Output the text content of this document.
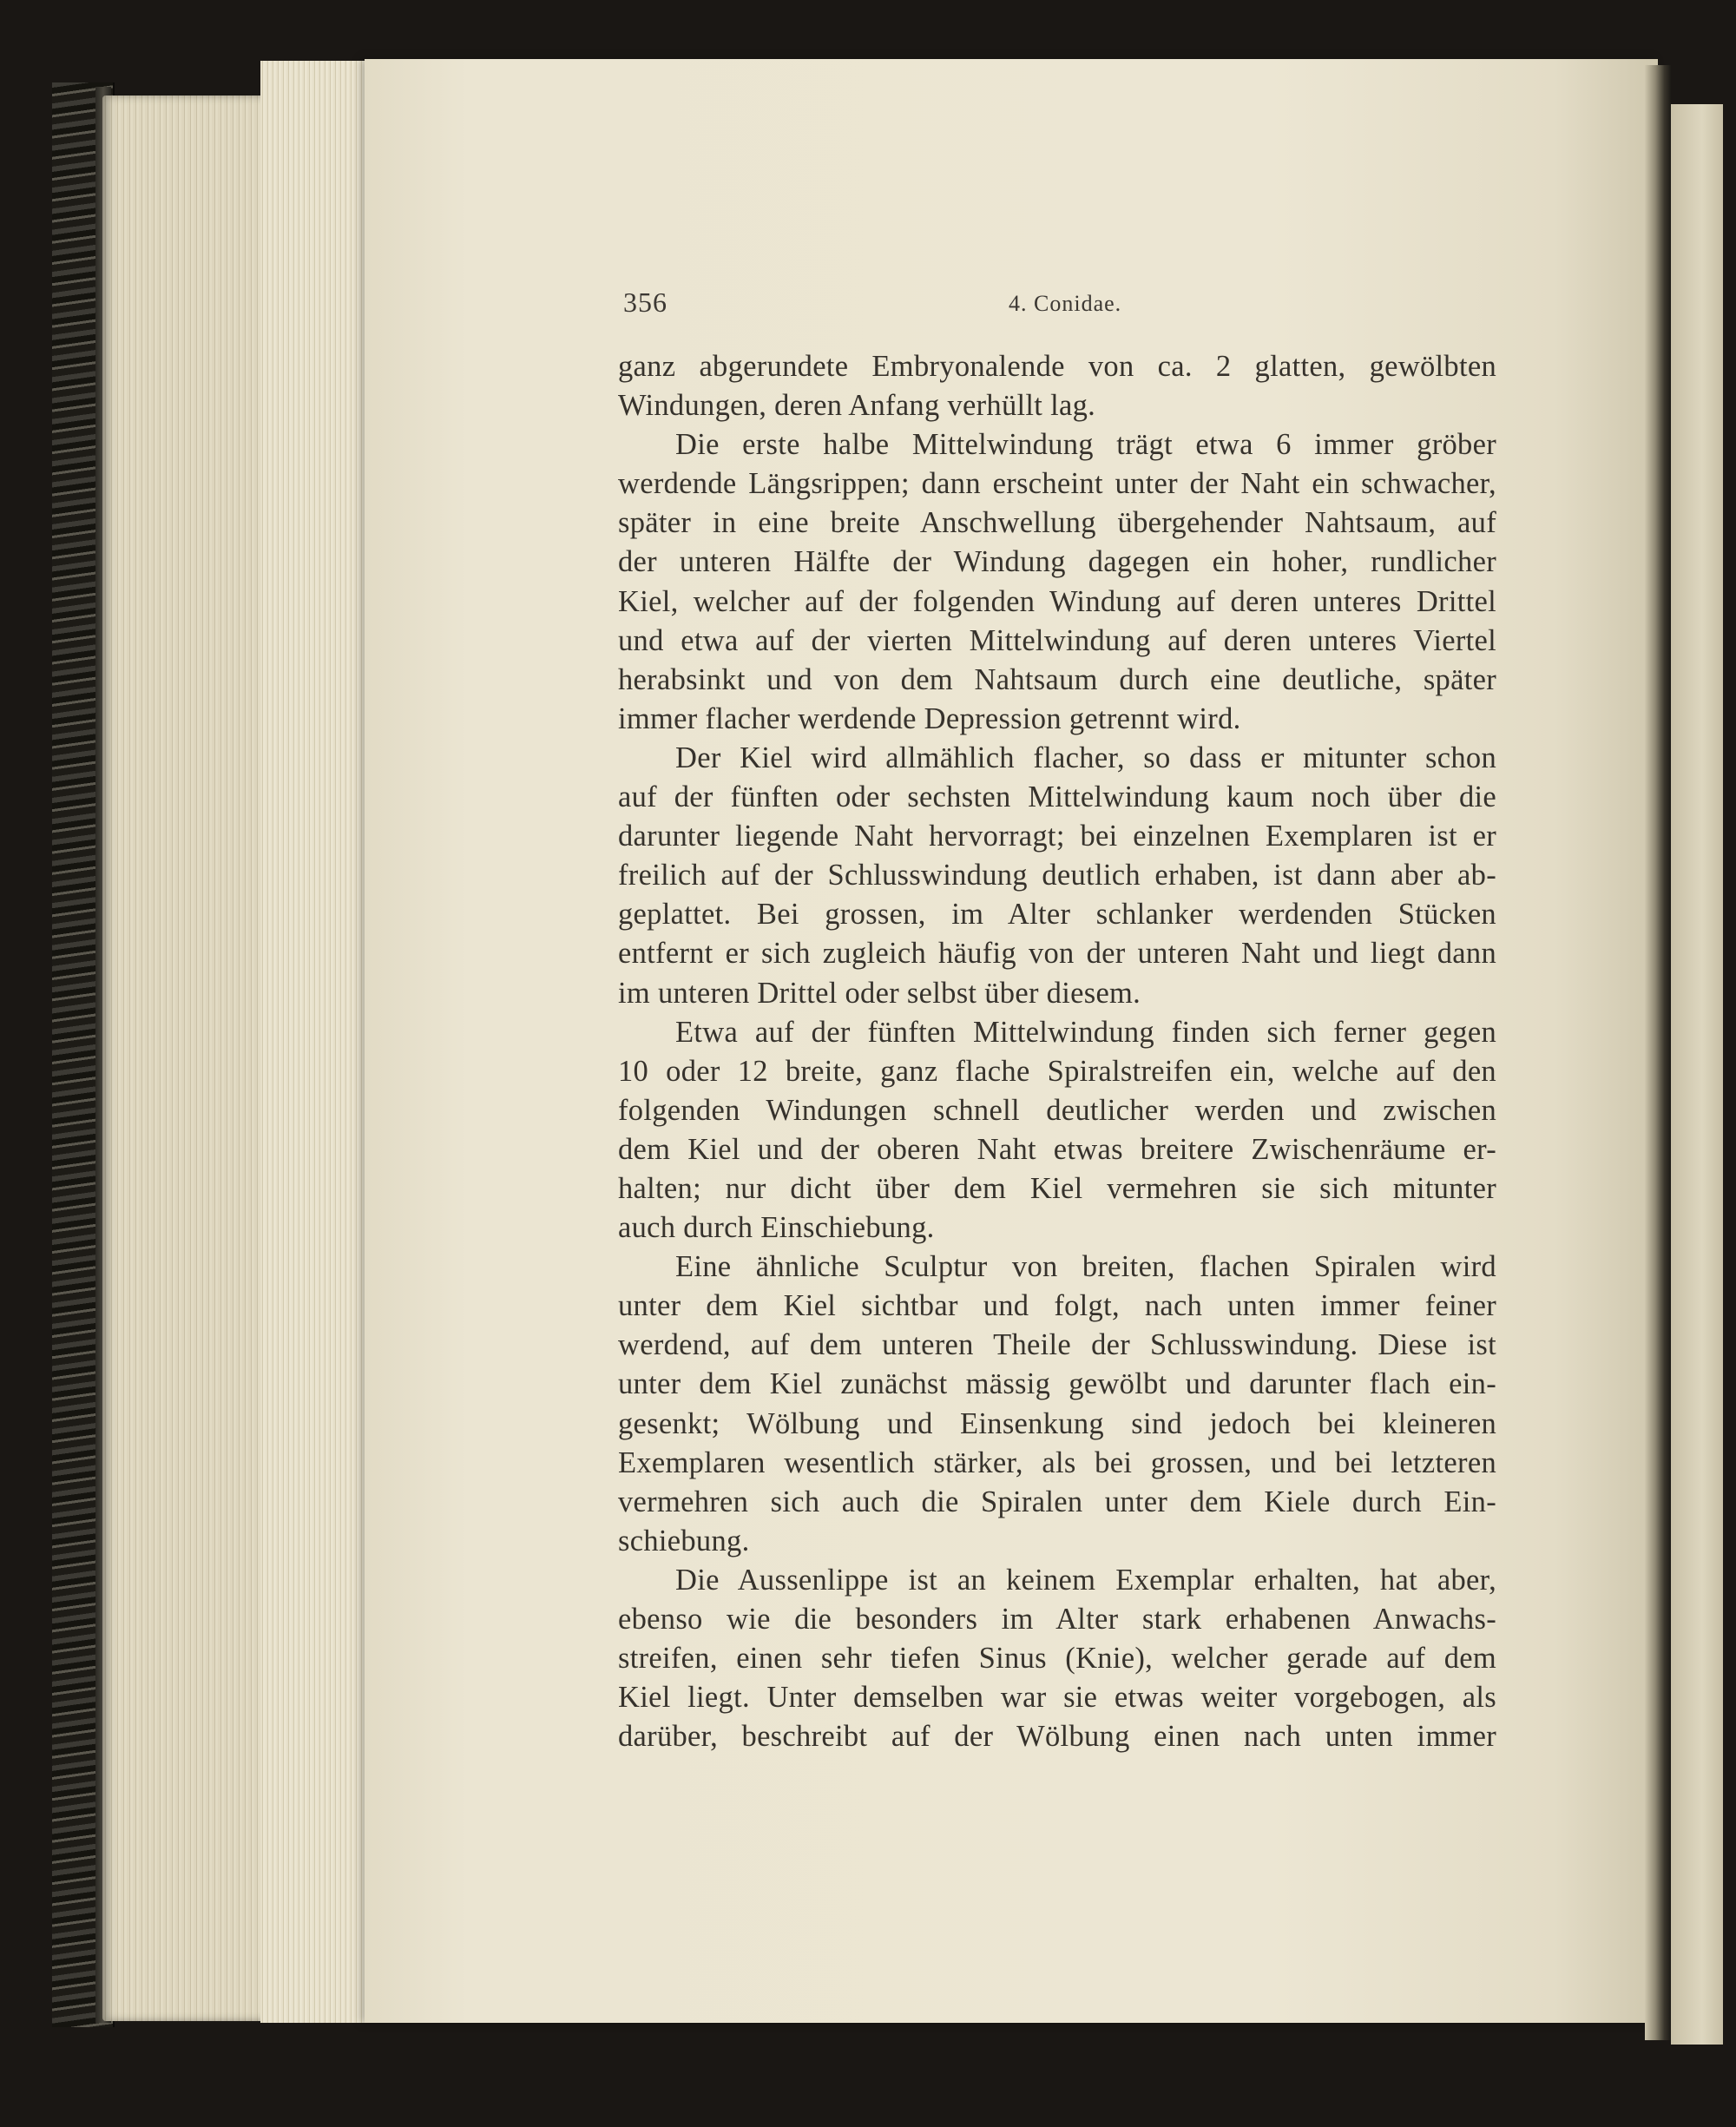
356	4. Conidae.

ganz abgerundete Embryonalende von ca. 2 glatten, gewölbten
Windungen, deren Anfang verhüllt lag.

Die erste halbe Mittelwindung trägt etwa 6 immer gröber
werdende Längsrippen; dann erscheint unter der Naht ein schwacher,
später in eine breite Anschwellung übergehender Nahtsaum, auf
der unteren Hälfte der Windung dagegen ein hoher, rundlicher
Kiel, welcher auf der folgenden Windung auf deren unteres Drittel
und etwa auf der vierten Mittelwindung auf deren unteres Viertel
herabsinkt und von dem Nahtsaum durch eine deutliche, später
immer flacher werdende Depression getrennt wird.

Der Kiel wird allmählich flacher, so dass er mitunter schon
auf der fünften oder sechsten Mittelwindung kaum noch über die
darunter liegende Naht hervorragt; bei einzelnen Exemplaren ist er
freilich auf der Schlusswindung deutlich erhaben, ist dann aber ab-
geplattet. Bei grossen, im Alter schlanker werdenden Stücken
entfernt er sich zugleich häufig von der unteren Naht und liegt dann
im unteren Drittel oder selbst über diesem.

Etwa auf der fünften Mittelwindung finden sich ferner gegen
10 oder 12 breite, ganz flache Spiralstreifen ein, welche auf den
folgenden Windungen schnell deutlicher werden und zwischen
dem Kiel und der oberen Naht etwas breitere Zwischenräume er-
halten; nur dicht über dem Kiel vermehren sie sich mitunter
auch durch Einschiebung.

Eine ähnliche Sculptur von breiten, flachen Spiralen wird
unter dem Kiel sichtbar und folgt, nach unten immer feiner
werdend, auf dem unteren Theile der Schlusswindung. Diese ist
unter dem Kiel zunächst mässig gewölbt und darunter flach ein-
gesenkt; Wölbung und Einsenkung sind jedoch bei kleineren
Exemplaren wesentlich stärker, als bei grossen, und bei letzteren
vermehren sich auch die Spiralen unter dem Kiele durch Ein-
schiebung.

Die Aussenlippe ist an keinem Exemplar erhalten, hat aber,
ebenso wie die besonders im Alter stark erhabenen Anwachs-
streifen, einen sehr tiefen Sinus (Knie), welcher gerade auf dem
Kiel liegt. Unter demselben war sie etwas weiter vorgebogen, als
darüber, beschreibt auf der Wölbung einen nach unten immer
